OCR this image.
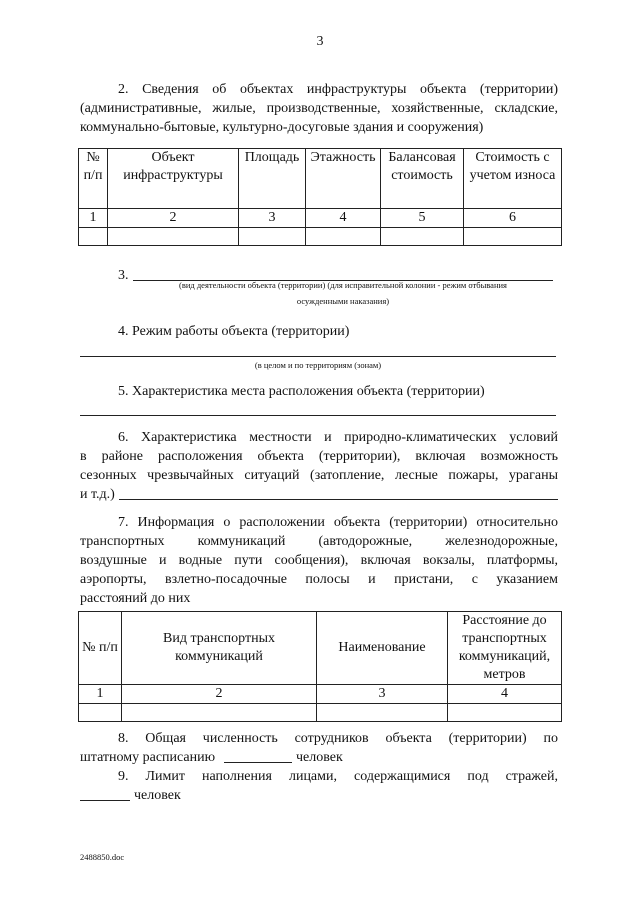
3
2. Сведения об объектах инфраструктуры объекта (территории)
(административные, жилые, производственные, хозяйственные, складские,
коммунально-бытовые, культурно-досуговые здания и сооружения)
№ п/п	Объект инфраструктуры	Площадь	Этажность	Балансовая стоимость	Стоимость с учетом износа
1	2	3	4	5	6

3.
(вид деятельности объекта (территории) (для исправительной колонии - режим отбывания
осужденными наказания)
4. Режим работы объекта (территории)
(в целом и по территориям (зонам)
5. Характеристика места расположения объекта (территории)
6. Характеристика местности и природно-климатических условий
в районе расположения объекта (территории), включая возможность
сезонных чрезвычайных ситуаций (затопление, лесные пожары, ураганы
и т.д.)
7. Информация о расположении объекта (территории) относительно
транспортных коммуникаций (автодорожные, железнодорожные,
воздушные и водные пути сообщения), включая вокзалы, платформы,
аэропорты, взлетно-посадочные полосы и пристани, с указанием
расстояний до них
№ п/п	Вид транспортных коммуникаций	Наименование	Расстояние до транспортных коммуникаций, метров
1	2	3	4

8. Общая численность сотрудников объекта (территории) по
штатному расписанию	человек
9. Лимит наполнения лицами, содержащимися под стражей,
человек
2488850.doc
